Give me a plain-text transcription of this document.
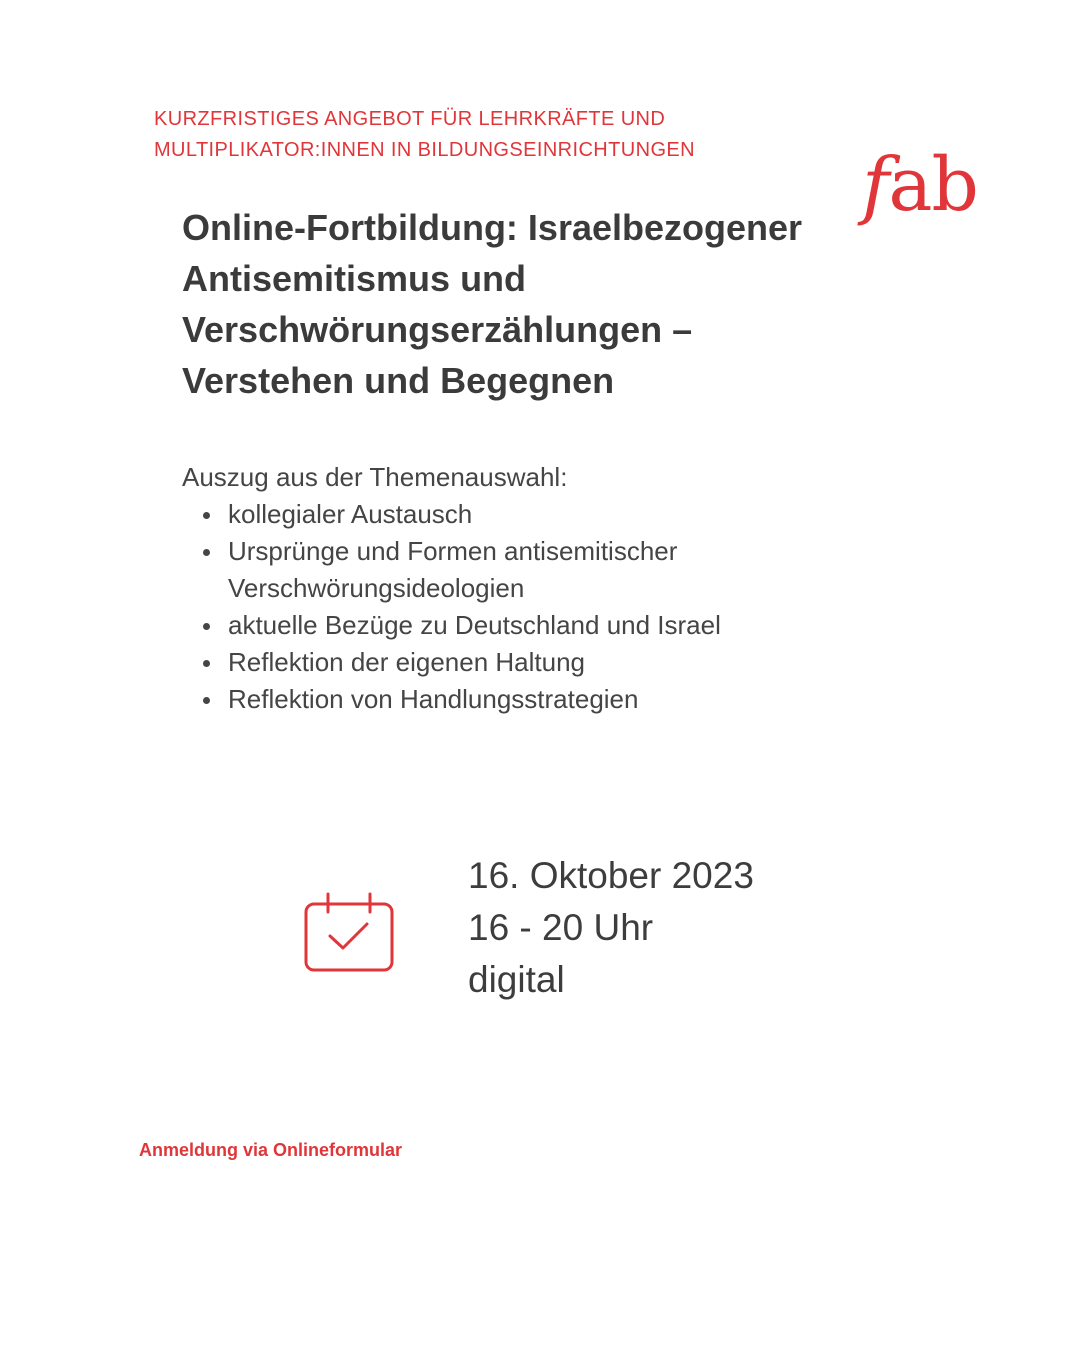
KURZFRISTIGES ANGEBOT FÜR LEHRKRÄFTE UND
MULTIPLIKATOR:INNEN IN BILDUNGSEINRICHTUNGEN	fab
Online-Fortbildung: Israelbezogener
Antisemitismus und
Verschwörungserzählungen –
Verstehen und Begegnen
Auszug aus der Themenauswahl:
kollegialer Austausch
Ursprünge und Formen antisemitischer Verschwörungsideologien
aktuelle Bezüge zu Deutschland und Israel
Reflektion der eigenen Haltung
Reflektion von Handlungsstrategien
16. Oktober 2023
16 - 20 Uhr
digital
Anmeldung via Onlineformular
